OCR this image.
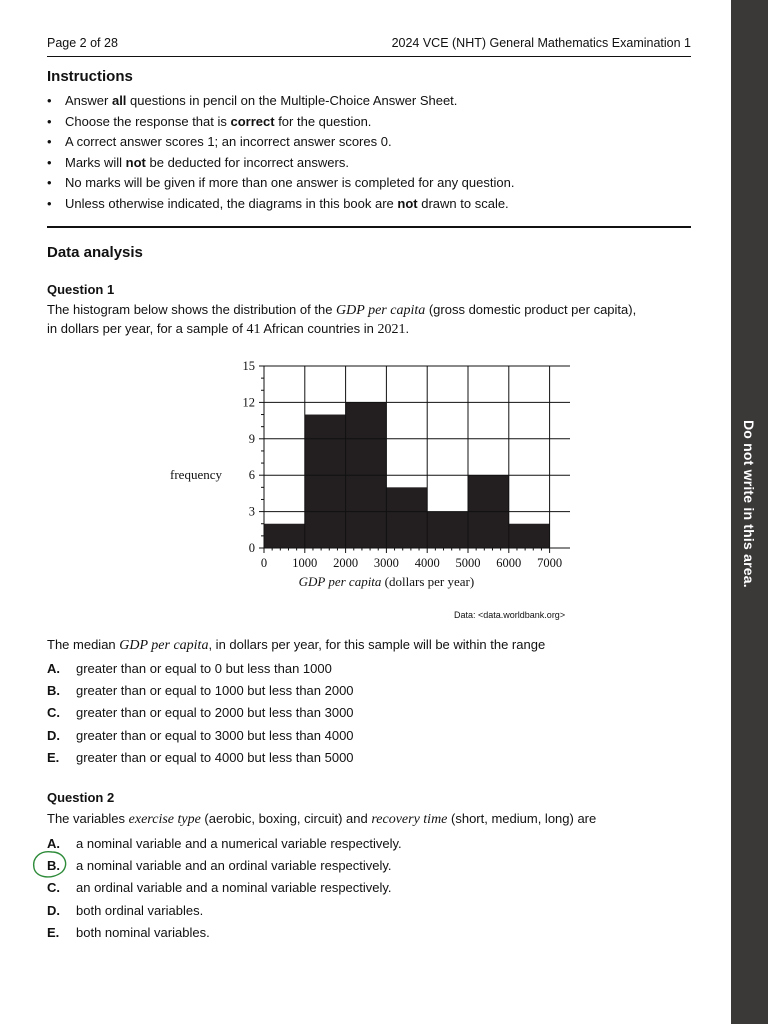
Page 2 of 28	2024 VCE (NHT) General Mathematics Examination 1
Instructions
• Answer all questions in pencil on the Multiple-Choice Answer Sheet.
• Choose the response that is correct for the question.
• A correct answer scores 1; an incorrect answer scores 0.
• Marks will not be deducted for incorrect answers.
• No marks will be given if more than one answer is completed for any question.
• Unless otherwise indicated, the diagrams in this book are not drawn to scale.
Data analysis
Question 1
The histogram below shows the distribution of the GDP per capita (gross domestic product per capita),
in dollars per year, for a sample of 41 African countries in 2021.
0
3
6
9
12
15
0 1000 2000 3000 4000 5000 6000 7000
frequency
GDP per capita (dollars per year)
Data: <data.worldbank.org>
The median GDP per capita, in dollars per year, for this sample will be within the range
A. greater than or equal to 0 but less than 1000
B. greater than or equal to 1000 but less than 2000
C. greater than or equal to 2000 but less than 3000
D. greater than or equal to 3000 but less than 4000
E. greater than or equal to 4000 but less than 5000
Question 2
The variables exercise type (aerobic, boxing, circuit) and recovery time (short, medium, long) are
A. a nominal variable and a numerical variable respectively.
B. a nominal variable and an ordinal variable respectively.
C. an ordinal variable and a nominal variable respectively.
D. both ordinal variables.
E. both nominal variables.
Do not write in this area.
